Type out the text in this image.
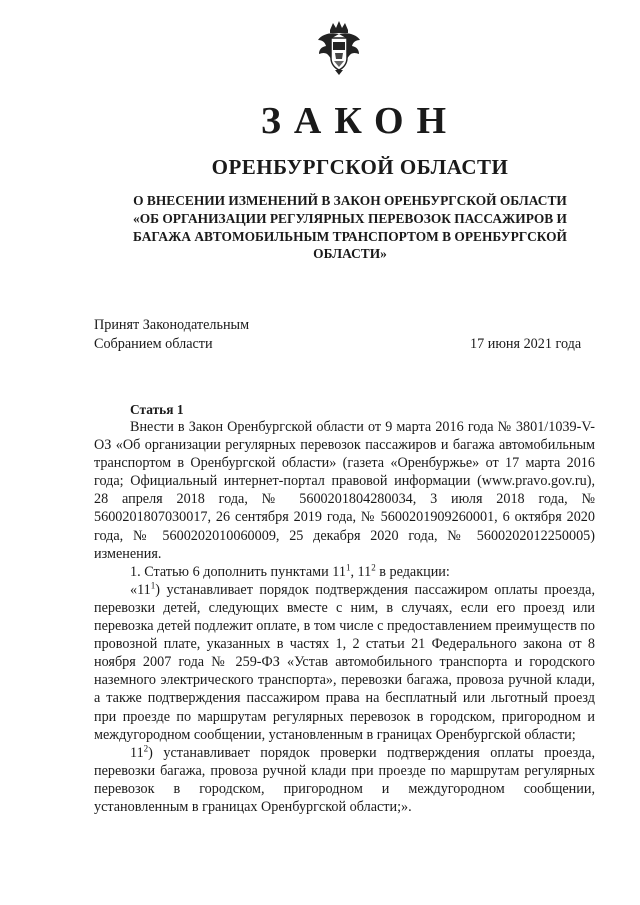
ЗАКОН
ОРЕНБУРГСКОЙ ОБЛАСТИ
О ВНЕСЕНИИ ИЗМЕНЕНИЙ В ЗАКОН ОРЕНБУРГСКОЙ ОБЛАСТИ
«ОБ ОРГАНИЗАЦИИ РЕГУЛЯРНЫХ ПЕРЕВОЗОК ПАССАЖИРОВ И
БАГАЖА АВТОМОБИЛЬНЫМ ТРАНСПОРТОМ В ОРЕНБУРГСКОЙ
ОБЛАСТИ»
Принят Законодательным
Собранием области	17 июня 2021 года
Статья 1

Внести в Закон Оренбургской области от 9 марта 2016 года № 3801/1039-V-ОЗ «Об организации регулярных перевозок пассажиров и багажа автомобильным транспортом в Оренбургской области» (газета «Оренбуржье» от 17 марта 2016 года; Официальный интернет-портал правовой информации (www.pravo.gov.ru), 28 апреля 2018 года, № 5600201804280034, 3 июля 2018 года, № 5600201807030017, 26 сентября 2019 года, № 5600201909260001, 6 октября 2020 года, № 5600202010060009, 25 декабря 2020 года, № 5600202012250005) изменения.

1. Статью 6 дополнить пунктами $11^1$, $11^2$ в редакции:

«$11^1$) устанавливает порядок подтверждения пассажиром оплаты проезда, перевозки детей, следующих вместе с ним, в случаях, если его проезд или перевозка детей подлежит оплате, в том числе с предоставлением преимуществ по провозной плате, указанных в частях 1, 2 статьи 21 Федерального закона от 8 ноября 2007 года № 259-ФЗ «Устав автомобильного транспорта и городского наземного электрического транспорта», перевозки багажа, провоза ручной клади, а также подтверждения пассажиром права на бесплатный или льготный проезд при проезде по маршрутам регулярных перевозок в городском, пригородном и междугородном сообщении, установленным в границах Оренбургской области;

$11^2$) устанавливает порядок проверки подтверждения оплаты проезда, перевозки багажа, провоза ручной клади при проезде по маршрутам регулярных перевозок в городском, пригородном и междугородном сообщении, установленным в границах Оренбургской области;».
